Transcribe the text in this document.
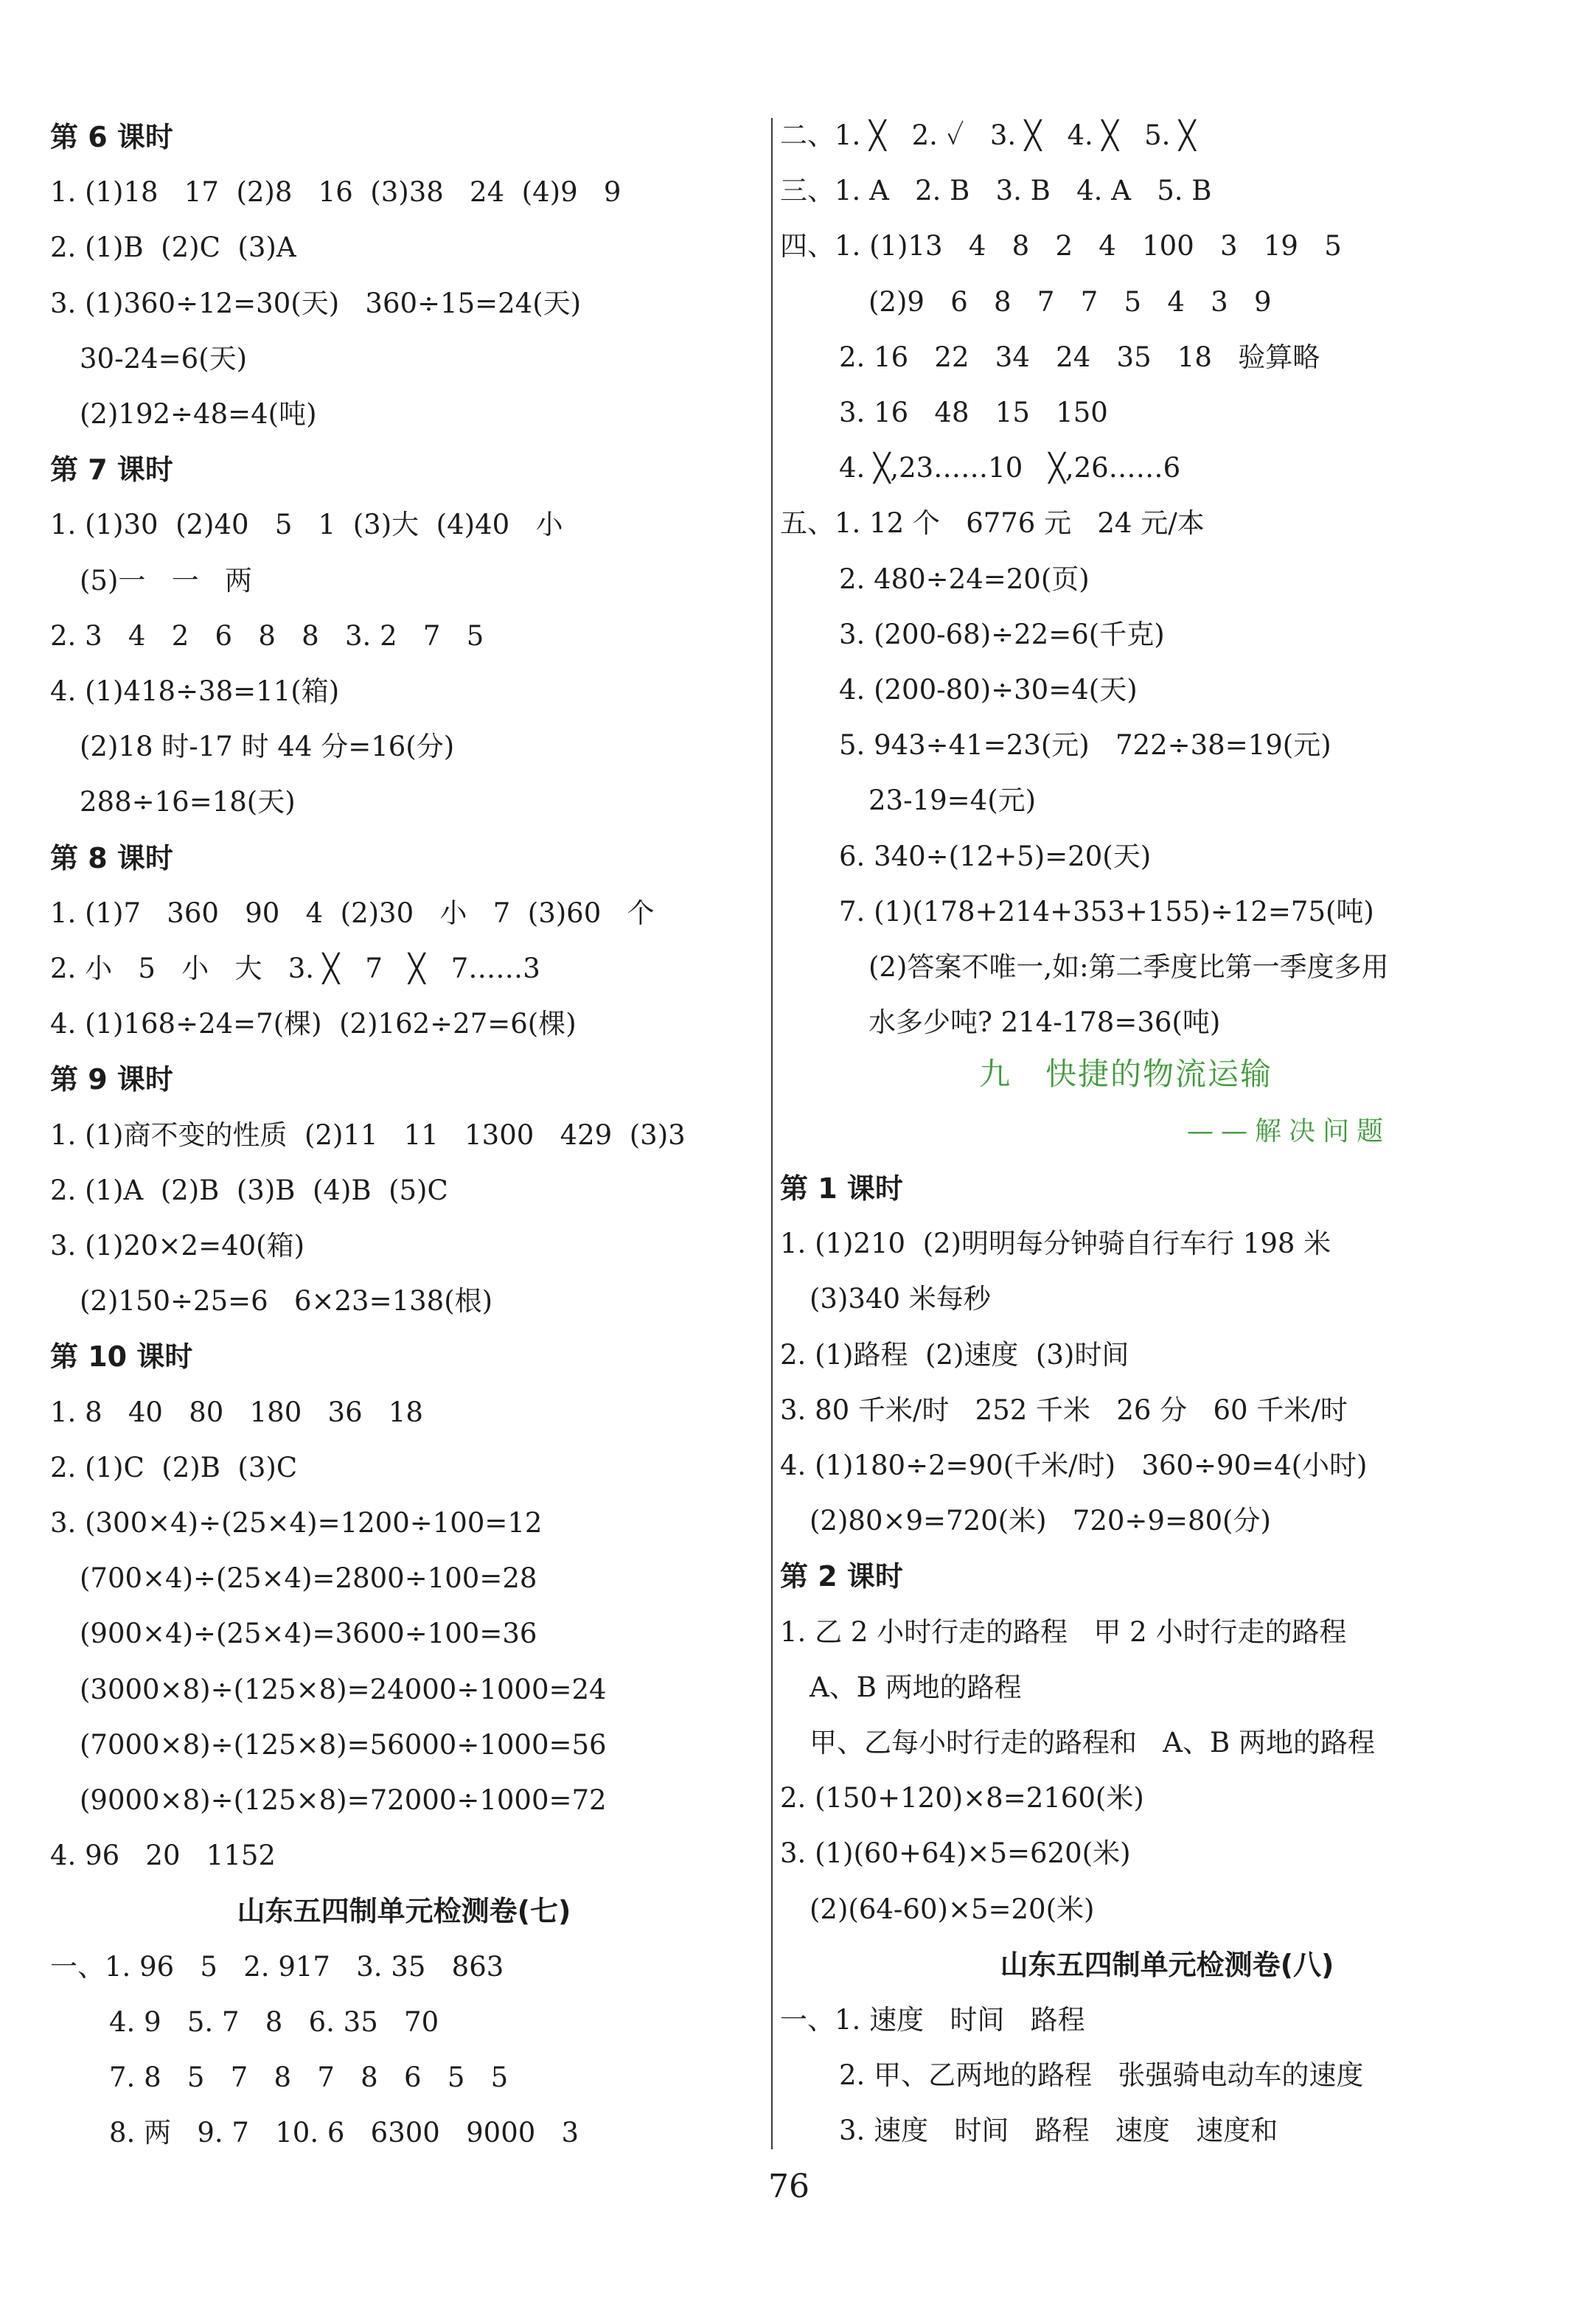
第 6 课时
1. (1)18   17  (2)8   16  (3)38   24  (4)9   9
2. (1)B  (2)C  (3)A
3. (1)360÷12=30(天)   360÷15=24(天)
30-24=6(天)
(2)192÷48=4(吨)
第 7 课时
1. (1)30  (2)40   5   1  (3)大  (4)40   小
(5)一   一   两
2. 3   4   2   6   8   8   3. 2   7   5
4. (1)418÷38=11(箱)
(2)18 时-17 时 44 分=16(分)
288÷16=18(天)
第 8 课时
1. (1)7   360   90   4  (2)30   小   7  (3)60   个
2. 小   5   小   大   3. ╳   7   ╳   7……3
4. (1)168÷24=7(棵)  (2)162÷27=6(棵)
第 9 课时
1. (1)商不变的性质  (2)11   11   1300   429  (3)3
2. (1)A  (2)B  (3)B  (4)B  (5)C
3. (1)20×2=40(箱)
(2)150÷25=6   6×23=138(根)
第 10 课时
1. 8   40   80   180   36   18
2. (1)C  (2)B  (3)C
3. (300×4)÷(25×4)=1200÷100=12
(700×4)÷(25×4)=2800÷100=28
(900×4)÷(25×4)=3600÷100=36
(3000×8)÷(125×8)=24000÷1000=24
(7000×8)÷(125×8)=56000÷1000=56
(9000×8)÷(125×8)=72000÷1000=72
4. 96   20   1152
山东五四制单元检测卷(七)
一、1. 96   5   2. 917   3. 35   863
4. 9   5. 7   8   6. 35   70
7. 8   5   7   8   7   8   6   5   5
8. 两   9. 7   10. 6   6300   9000   3
二、1. ╳   2. ✓   3. ╳   4. ╳   5. ╳
三、1. A   2. B   3. B   4. A   5. B
四、1. (1)13   4   8   2   4   100   3   19   5
(2)9   6   8   7   7   5   4   3   9
2. 16   22   34   24   35   18   验算略
3. 16   48   15   150
4. ╳,23……10   ╳,26……6
五、1. 12 个   6776 元   24 元/本
2. 480÷24=20(页)
3. (200-68)÷22=6(千克)
4. (200-80)÷30=4(天)
5. 943÷41=23(元)   722÷38=19(元)
23-19=4(元)
6. 340÷(12+5)=20(天)
7. (1)(178+214+353+155)÷12=75(吨)
(2)答案不唯一,如:第二季度比第一季度多用
水多少吨? 214-178=36(吨)
第 1 课时
1. (1)210  (2)明明每分钟骑自行车行 198 米
(3)340 米每秒
2. (1)路程  (2)速度  (3)时间
3. 80 千米/时   252 千米   26 分   60 千米/时
4. (1)180÷2=90(千米/时)   360÷90=4(小时)
(2)80×9=720(米)   720÷9=80(分)
第 2 课时
1. 乙 2 小时行走的路程   甲 2 小时行走的路程
A、B 两地的路程
甲、乙每小时行走的路程和   A、B 两地的路程
2. (150+120)×8=2160(米)
3. (1)(60+64)×5=620(米)
(2)(64-60)×5=20(米)
山东五四制单元检测卷(八)
一、1. 速度   时间   路程
2. 甲、乙两地的路程   张强骑电动车的速度
3. 速度   时间   路程   速度   速度和
九   快捷的物流运输
——解决问题
76
